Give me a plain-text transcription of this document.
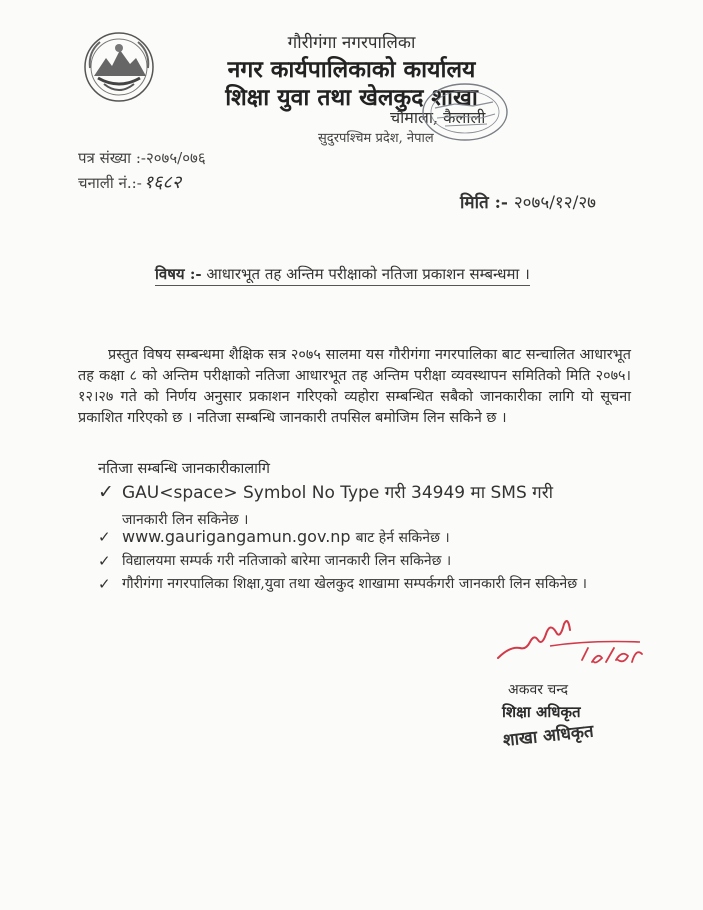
गौरीगंगा नगरपालिका
नगर कार्यपालिकाको कार्यालय
शिक्षा युवा तथा खेलकुद शाखा
चौमाला, कैलाली
सुदुरपश्चिम प्रदेश, नेपाल
पत्र संख्या :-२०७५/०७६
चनाली नं.:- १६८२
मिति :- २०७५/१२/२७
विषय :- आधारभूत तह अन्तिम परीक्षाको नतिजा प्रकाशन सम्बन्धमा ।
प्रस्तुत विषय सम्बन्धमा शैक्षिक सत्र २०७५ सालमा यस गौरीगंगा नगरपालिका बाट सन्चालित आधारभूत तह कक्षा ८ को अन्तिम परीक्षाको नतिजा आधारभूत तह अन्तिम परीक्षा व्यवस्थापन समितिको मिति २०७५।१२।२७ गते को निर्णय अनुसार प्रकाशन गरिएको व्यहोरा सम्बन्धित सबैको जानकारीका लागि यो सूचना प्रकाशित गरिएको छ । नतिजा सम्बन्धि जानकारी तपसिल बमोजिम लिन सकिने छ ।
नतिजा सम्बन्धि जानकारीकालागि
✓ GAU<space> Symbol No Type गरी 34949 मा SMS गरी
जानकारी लिन सकिनेछ ।
✓ www.gaurigangamun.gov.np बाट हेर्न सकिनेछ ।
✓ विद्यालयमा सम्पर्क गरी नतिजाको बारेमा जानकारी लिन सकिनेछ ।
✓ गौरीगंगा नगरपालिका शिक्षा,युवा तथा खेलकुद शाखामा सम्पर्कगरी जानकारी लिन सकिनेछ ।
अकवर चन्द
शिक्षा अधिकृत
शाखा अधिकृत
